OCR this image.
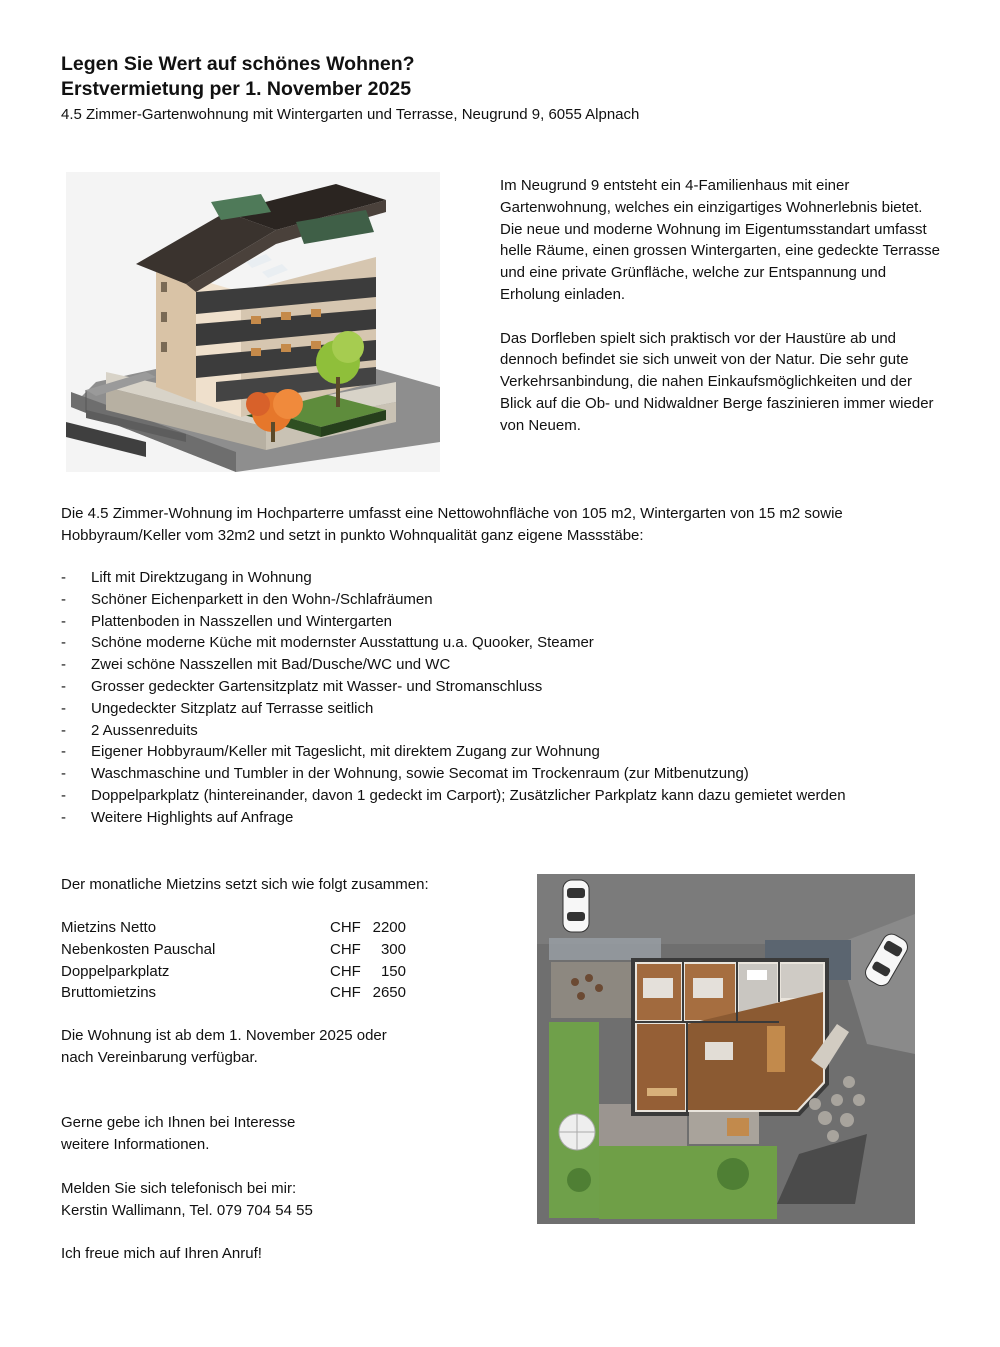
Legen Sie Wert auf schönes Wohnen?
Erstvermietung per 1. November 2025
4.5 Zimmer-Gartenwohnung mit Wintergarten und Terrasse, Neugrund 9, 6055 Alpnach

Im Neugrund 9 entsteht ein 4-Familienhaus mit einer Gartenwohnung, welches ein einzigartiges Wohnerlebnis bietet. Die neue und moderne Wohnung im Eigentumsstandart umfasst helle Räume, einen grossen Wintergarten, eine gedeckte Terrasse und eine private Grünfläche, welche zur Entspannung und Erholung einladen.

Das Dorfleben spielt sich praktisch vor der Haustüre ab und dennoch befindet sie sich unweit von der Natur. Die sehr gute Verkehrsanbindung, die nahen Einkaufsmöglichkeiten und der Blick auf die Ob- und Nidwaldner Berge faszinieren immer wieder von Neuem.

Die 4.5 Zimmer-Wohnung im Hochparterre umfasst eine Nettowohnfläche von 105 m2, Wintergarten von 15 m2 sowie Hobbyraum/Keller vom 32m2 und setzt in punkto Wohnqualität ganz eigene Massstäbe:
- Lift mit Direktzugang in Wohnung
- Schöner Eichenparkett in den Wohn-/Schlafräumen
- Plattenboden in Nasszellen und Wintergarten
- Schöne moderne Küche mit modernster Ausstattung u.a. Quooker, Steamer
- Zwei schöne Nasszellen mit Bad/Dusche/WC und WC
- Grosser gedeckter Gartensitzplatz mit Wasser- und Stromanschluss
- Ungedeckter Sitzplatz auf Terrasse seitlich
- 2 Aussenreduits
- Eigener Hobbyraum/Keller mit Tageslicht, mit direktem Zugang zur Wohnung
- Waschmaschine und Tumbler in der Wohnung, sowie Secomat im Trockenraum (zur Mitbenutzung)
- Doppelparkplatz (hintereinander, davon 1 gedeckt im Carport); Zusätzlicher Parkplatz kann dazu gemietet werden
- Weitere Highlights auf Anfrage
Der monatliche Mietzins setzt sich wie folgt zusammen:
Mietzins Netto	CHF 2200
Nebenkosten Pauschal	CHF	300
Doppelparkplatz	CHF	150
Bruttomietzins	CHF 2650
Die Wohnung ist ab dem 1. November 2025 oder
nach Vereinbarung verfügbar.
Gerne gebe ich Ihnen bei Interesse
weitere Informationen.
Melden Sie sich telefonisch bei mir:
Kerstin Wallimann, Tel. 079 704 54 55
Ich freue mich auf Ihren Anruf!
